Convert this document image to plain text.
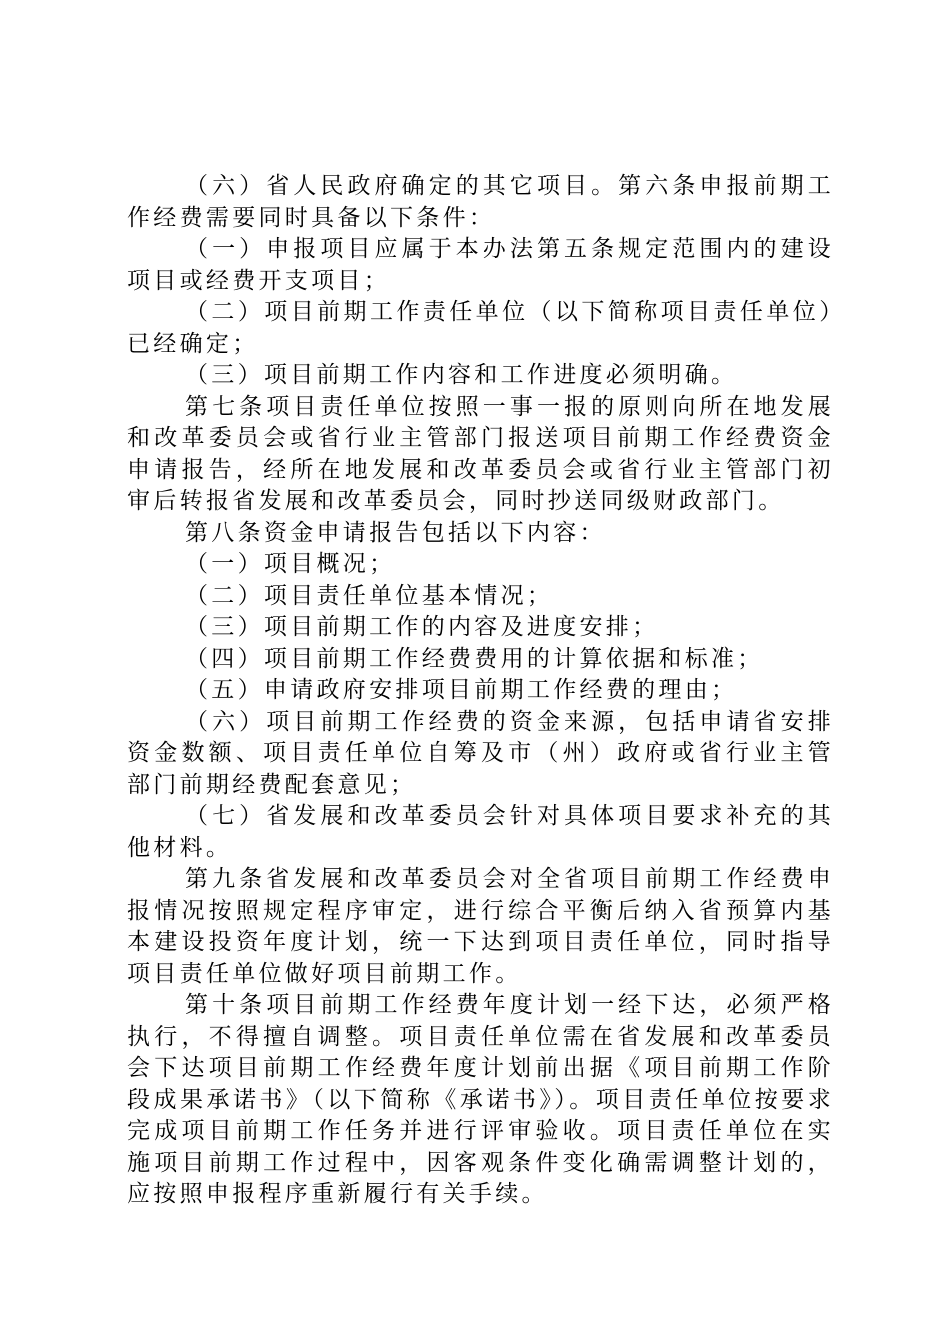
（六）省人民政府确定的其它项目。第六条申报前期工作经费需要同时具备以下条件：

（一）申报项目应属于本办法第五条规定范围内的建设项目或经费开支项目；

（二）项目前期工作责任单位（以下简称项目责任单位）已经确定；

（三）项目前期工作内容和工作进度必须明确。

第七条项目责任单位按照一事一报的原则向所在地发展和改革委员会或省行业主管部门报送项目前期工作经费资金申请报告，经所在地发展和改革委员会或省行业主管部门初审后转报省发展和改革委员会，同时抄送同级财政部门。

第八条资金申请报告包括以下内容：

（一）项目概况；

（二）项目责任单位基本情况；

（三）项目前期工作的内容及进度安排；

（四）项目前期工作经费费用的计算依据和标准；

（五）申请政府安排项目前期工作经费的理由；

（六）项目前期工作经费的资金来源，包括申请省安排资金数额、项目责任单位自筹及市（州）政府或省行业主管部门前期经费配套意见；

（七）省发展和改革委员会针对具体项目要求补充的其他材料。

第九条省发展和改革委员会对全省项目前期工作经费申报情况按照规定程序审定，进行综合平衡后纳入省预算内基本建设投资年度计划，统一下达到项目责任单位，同时指导项目责任单位做好项目前期工作。

第十条项目前期工作经费年度计划一经下达，必须严格执行，不得擅自调整。项目责任单位需在省发展和改革委员会下达项目前期工作经费年度计划前出据《项目前期工作阶段成果承诺书》（以下简称《承诺书》）。项目责任单位按要求完成项目前期工作任务并进行评审验收。项目责任单位在实施项目前期工作过程中，因客观条件变化确需调整计划的，应按照申报程序重新履行有关手续。
